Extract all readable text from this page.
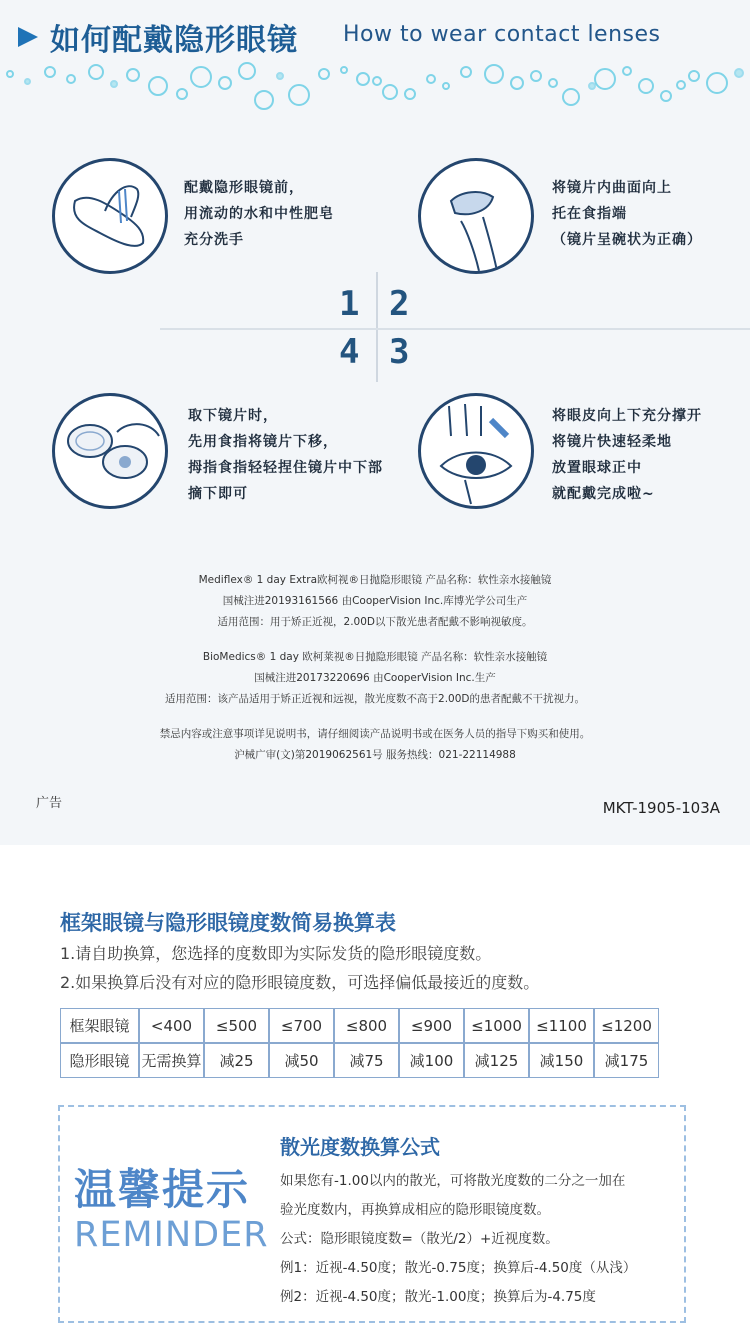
如何配戴隐形眼镜 How to wear contact lenses
配戴隐形眼镜前，
用流动的水和中性肥皂
充分洗手
将镜片内曲面向上
托在食指端
（镜片呈碗状为正确）
1 2
4 3
取下镜片时，
先用食指将镜片下移，
拇指食指轻轻捏住镜片中下部
摘下即可
将眼皮向上下充分撑开
将镜片快速轻柔地
放置眼球正中
就配戴完成啦~
Mediflex® 1 day Extra欧柯视®日抛隐形眼镜 产品名称：软性亲水接触镜
国械注进20193161566 由CooperVision Inc.库博光学公司生产
适用范围：用于矫正近视，2.00D以下散光患者配戴不影响视敏度。
BioMedics® 1 day 欧柯莱视®日抛隐形眼镜 产品名称：软性亲水接触镜
国械注进20173220696 由CooperVision Inc.生产
适用范围：该产品适用于矫正近视和远视，散光度数不高于2.00D的患者配戴不干扰视力。
禁忌内容或注意事项详见说明书，请仔细阅读产品说明书或在医务人员的指导下购买和使用。
沪械广审(文)第2019062561号 服务热线：021-22114988
广告	MKT-1905-103A
框架眼镜与隐形眼镜度数简易换算表
1.请自助换算，您选择的度数即为实际发货的隐形眼镜度数。
2.如果换算后没有对应的隐形眼镜度数，可选择偏低最接近的度数。
框架眼镜	<400	≤500	≤700	≤800	≤900	≤1000	≤1100	≤1200
隐形眼镜	无需换算	减25	减50	减75	减100	减125	减150	减175
温馨提示
REMINDER
散光度数换算公式
如果您有-1.00以内的散光，可将散光度数的二分之一加在
验光度数内，再换算成相应的隐形眼镜度数。
公式：隐形眼镜度数=（散光/2）+近视度数。
例1：近视-4.50度；散光-0.75度；换算后-4.50度（从浅）
例2：近视-4.50度；散光-1.00度；换算后为-4.75度
